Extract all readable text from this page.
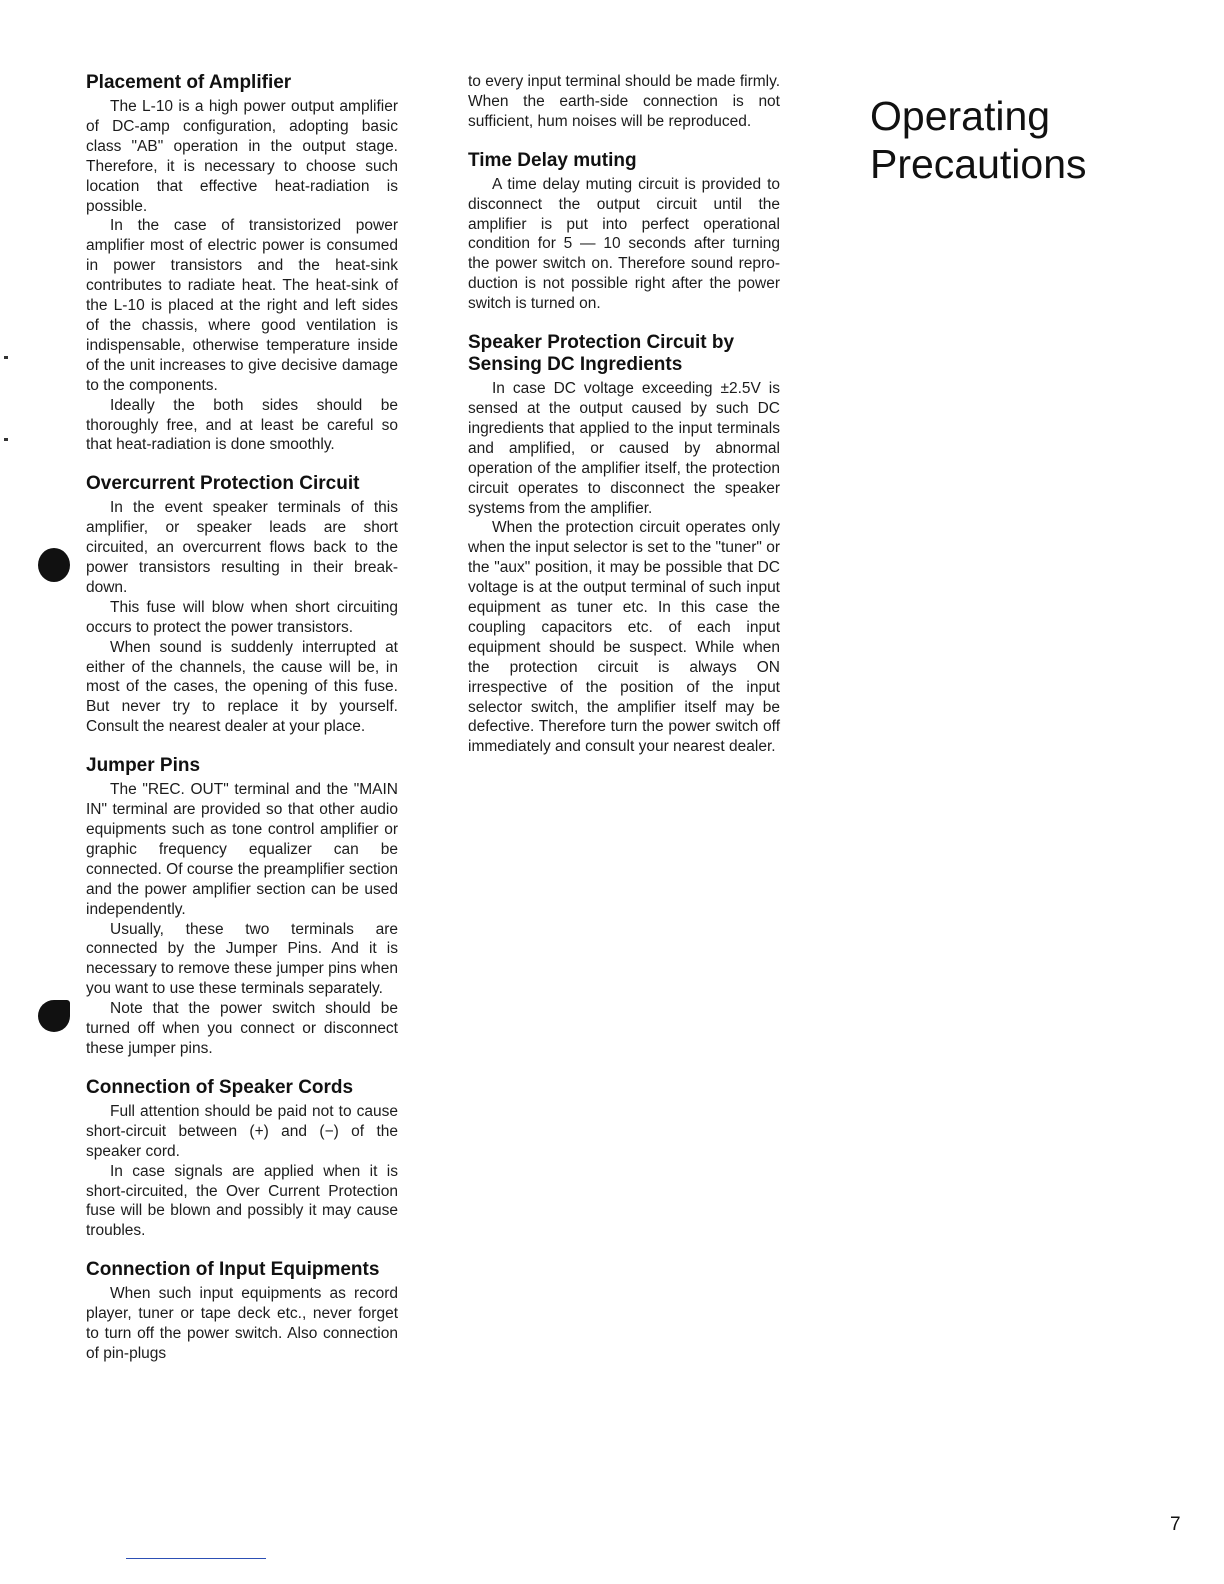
Placement of Amplifier

The L-10 is a high power output amplifier of DC-amp configuration, adopting basic class "AB" operation in the output stage. Therefore, it is necessary to choose such location that effective heat-radiation is possible.

In the case of transistorized power amplifier most of electric power is consumed in power transistors and the heat-sink contributes to radiate heat. The heat-sink of the L-10 is placed at the right and left sides of the chassis, where good ventilation is indispensable, otherwise temperature inside of the unit increases to give decisive damage to the components.

Ideally the both sides should be thoroughly free, and at least be careful so that heat-radiation is done smoothly.

Overcurrent Protection Circuit

In the event speaker terminals of this amplifier, or speaker leads are short circuited, an overcurrent flows back to the power transistors resulting in their break-down.

This fuse will blow when short circuiting occurs to protect the power transistors.

When sound is suddenly interrupted at either of the channels, the cause will be, in most of the cases, the opening of this fuse. But never try to replace it by yourself. Consult the nearest dealer at your place.

Jumper Pins

The "REC. OUT" terminal and the "MAIN IN" terminal are provided so that other audio equipments such as tone control amplifier or graphic frequency equalizer can be connected. Of course the preamplifier section and the power amplifier section can be used independently.

Usually, these two terminals are connected by the Jumper Pins. And it is necessary to remove these jumper pins when you want to use these terminals separately.

Note that the power switch should be turned off when you connect or disconnect these jumper pins.

Connection of Speaker Cords

Full attention should be paid not to cause short-circuit between (+) and (−) of the speaker cord.

In case signals are applied when it is short-circuited, the Over Current Protection fuse will be blown and possibly it may cause troubles.

Connection of Input Equipments

When such input equipments as record player, tuner or tape deck etc., never forget to turn off the power switch. Also connection of pin-plugs

to every input terminal should be made firmly. When the earth-side connection is not sufficient, hum noises will be reproduced.

Time Delay muting

A time delay muting circuit is provided to disconnect the output circuit until the amplifier is put into perfect operational condition for 5 — 10 seconds after turning the power switch on. Therefore sound reproduction is not possible right after the power switch is turned on.

Speaker Protection Circuit by Sensing DC Ingredients

In case DC voltage exceeding ±2.5V is sensed at the output caused by such DC ingredients that applied to the input terminals and amplified, or caused by abnormal operation of the amplifier itself, the protection circuit operates to disconnect the speaker systems from the amplifier.

When the protection circuit operates only when the input selector is set to the "tuner" or the "aux" position, it may be possible that DC voltage is at the output terminal of such input equipment as tuner etc. In this case the coupling capacitors etc. of each input equipment should be suspect. While when the protection circuit is always ON irrespective of the position of the input selector switch, the amplifier itself may be defective. Therefore turn the power switch off immediately and consult your nearest dealer.

Operating
Precautions
7
